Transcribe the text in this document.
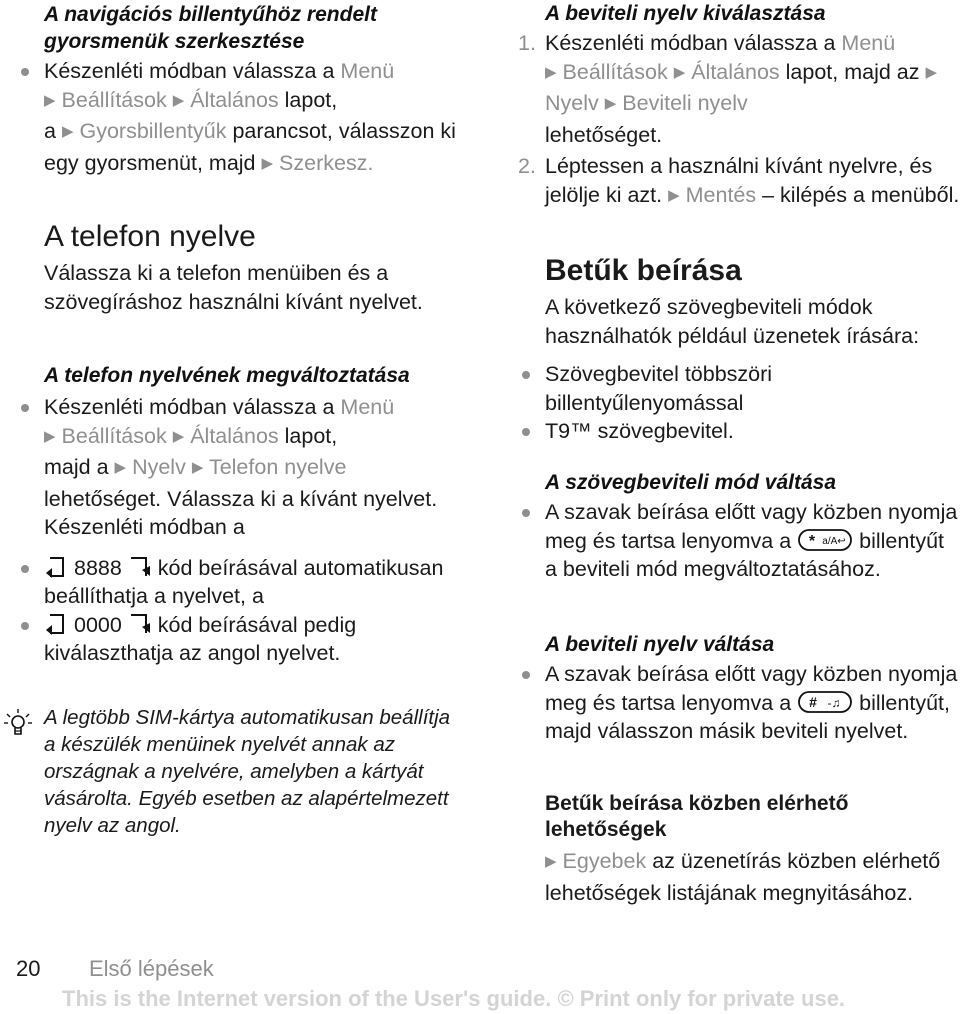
A navigációs billentyűhöz rendelt gyorsmenük szerkesztése

Készenléti módban válassza a Menü
▶ Beállítások ▶ Általános lapot,
a ▶ Gyorsbillentyűk parancsot, válasszon ki egy gyorsmenüt, majd ▶ Szerkesz.
A telefon nyelve

Válassza ki a telefon menüiben és a szövegíráshoz használni kívánt nyelvet.

A telefon nyelvének megváltoztatása

Készenléti módban válassza a Menü
▶ Beállítások ▶ Általános lapot,
majd a ▶ Nyelv ▶ Telefon nyelve
lehetőséget. Válassza ki a kívánt nyelvet.

Készenléti módban a

8888 kód beírásával automatikusan beállíthatja a nyelvet, a
0000 kód beírásával pedig kiválaszthatja az angol nyelvet.

A legtöbb SIM-kártya automatikusan beállítja a készülék menüinek nyelvét annak az országnak a nyelvére, amelyben a kártyát vásárolta. Egyéb esetben az alapértelmezett nyelv az angol.

A beviteli nyelv kiválasztása

1. Készenléti módban válassza a Menü
▶ Beállítások ▶ Általános lapot, majd az ▶ Nyelv ▶ Beviteli nyelv
lehetőséget.
2. Léptessen a használni kívánt nyelvre, és jelölje ki azt. ▶ Mentés – kilépés a menüből.
Betűk beírása

A következő szövegbeviteli módok használhatók például üzenetek írására:

Szövegbevitel többszöri billentyűlenyomással
T9™ szövegbevitel.

A szövegbeviteli mód váltása

A szavak beírása előtt vagy közben nyomja meg és tartsa lenyomva a * a/A↩ billentyűt a beviteli mód megváltoztatásához.

A beviteli nyelv váltása

A szavak beírása előtt vagy közben nyomja meg és tartsa lenyomva a # -♫ billentyűt, majd válasszon másik beviteli nyelvet.

Betűk beírása közben elérhető lehetőségek

▶ Egyebek az üzenetírás közben elérhető lehetőségek listájának megnyitásához.

20 Első lépések
This is the Internet version of the User's guide. © Print only for private use.
